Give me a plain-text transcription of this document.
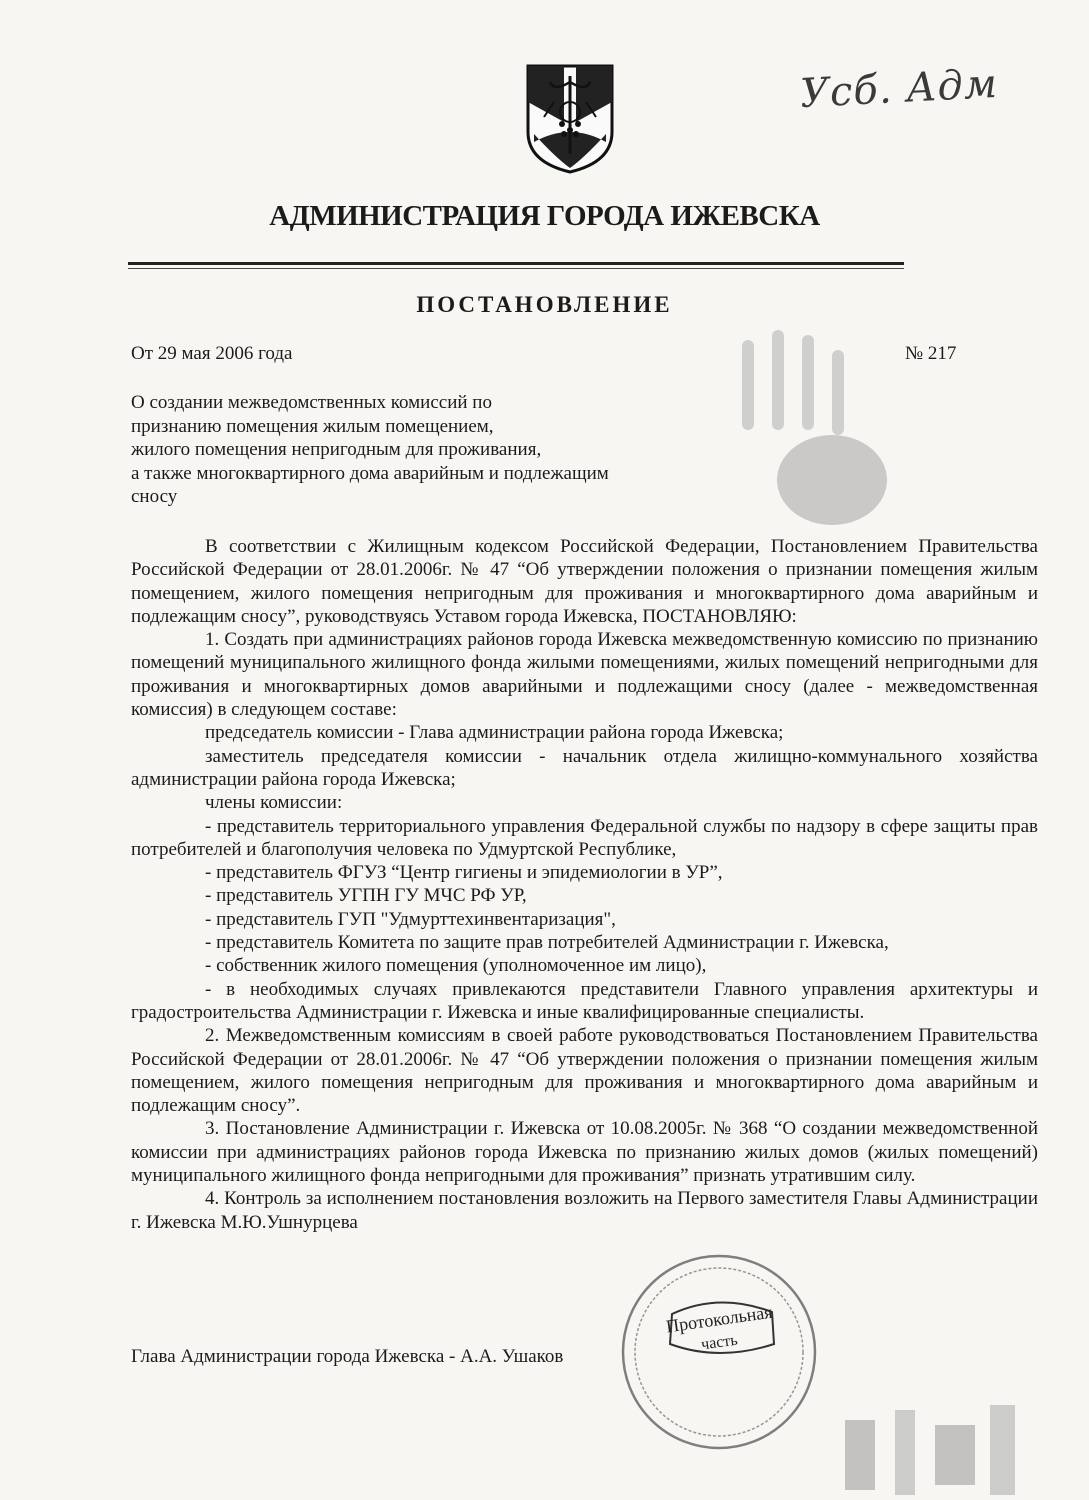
Усб. Адм
АДМИНИСТРАЦИЯ ГОРОДА ИЖЕВСКА
ПОСТАНОВЛЕНИЕ
От 29 мая 2006 года	№ 217
О создании межведомственных комиссий по
признанию помещения жилым помещением,
жилого помещения непригодным для проживания,
а также многоквартирного дома аварийным и подлежащим
сносу

В соответствии с Жилищным кодексом Российской Федерации, Постановлением Правительства Российской Федерации от 28.01.2006г. № 47 “Об утверждении положения о признании помещения жилым помещением, жилого помещения непригодным для проживания и многоквартирного дома аварийным и подлежащим сносу”, руководствуясь Уставом города Ижевска, ПОСТАНОВЛЯЮ:

1. Создать при администрациях районов города Ижевска межведомственную комиссию по признанию помещений муниципального жилищного фонда жилыми помещениями, жилых помещений непригодными для проживания и многоквартирных домов аварийными и подлежащими сносу (далее - межведомственная комиссия) в следующем составе:

председатель комиссии - Глава администрации района города Ижевска;

заместитель председателя комиссии - начальник отдела жилищно-коммунального хозяйства администрации района города Ижевска;

члены комиссии:

- представитель территориального управления Федеральной службы по надзору в сфере защиты прав потребителей и благополучия человека по Удмуртской Республике,

- представитель ФГУЗ “Центр гигиены и эпидемиологии в УР”,

- представитель УГПН ГУ МЧС РФ УР,

- представитель ГУП "Удмурттехинвентаризация",

- представитель Комитета по защите прав потребителей Администрации г. Ижевска,

- собственник жилого помещения (уполномоченное им лицо),

- в необходимых случаях привлекаются представители Главного управления архитектуры и градостроительства Администрации г. Ижевска и иные квалифицированные специалисты.

2. Межведомственным комиссиям в своей работе руководствоваться Постановлением Правительства Российской Федерации от 28.01.2006г. № 47 “Об утверждении положения о признании помещения жилым помещением, жилого помещения непригодным для проживания и многоквартирного дома аварийным и подлежащим сносу”.

3. Постановление Администрации г. Ижевска от 10.08.2005г. № 368 “О создании межведомственной комиссии при администрациях районов города Ижевска по признанию жилых домов (жилых помещений) муниципального жилищного фонда непригодными для проживания” признать утратившим силу.

4. Контроль за исполнением постановления возложить на Первого заместителя Главы Администрации г. Ижевска М.Ю.Ушнурцева

Глава Администрации города Ижевска - А.А. Ушаков
Протокольная
часть
